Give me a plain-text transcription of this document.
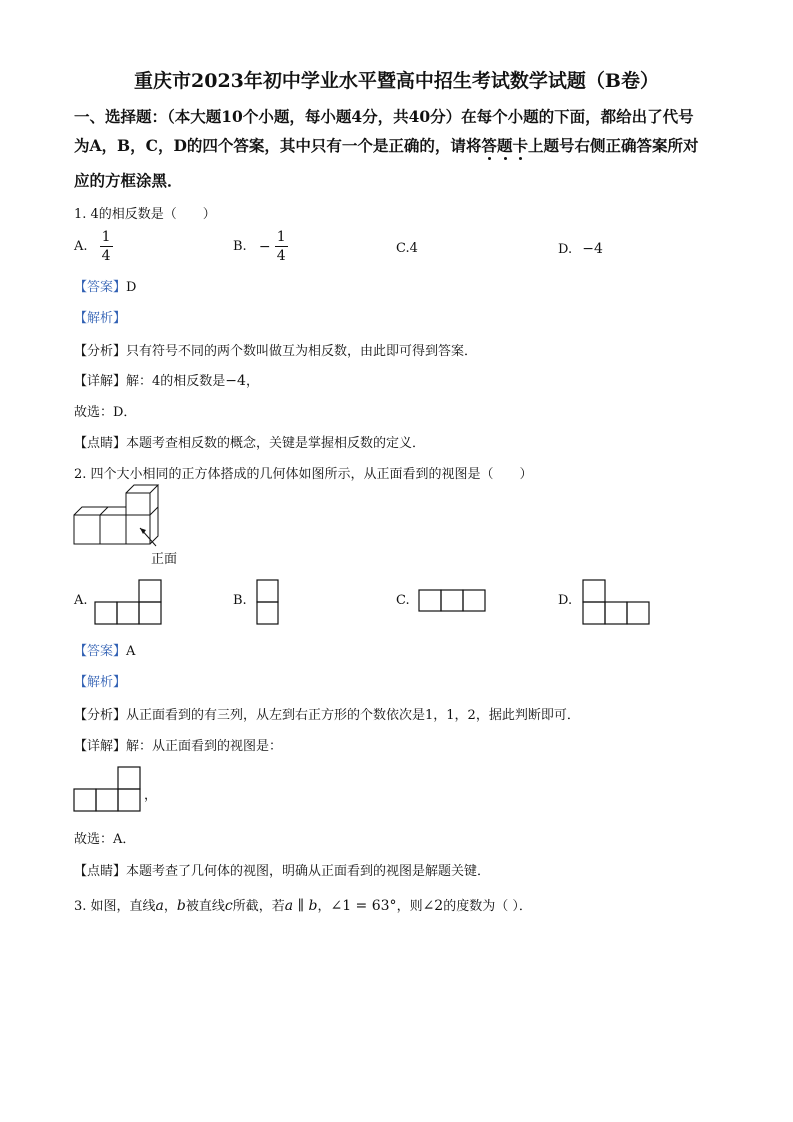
重庆市2023年初中学业水平暨高中招生考试数学试题（B卷）
一、选择题：（本大题10个小题，每小题4分，共40分）在每个小题的下面，都给出了代号
为A，B，C，D的四个答案，其中只有一个是正确的，请将答题卡上题号右侧正确答案所对
应的方框涂黑．
1. 4的相反数是（　　）
A. $\frac{1}{4}$	B. − $\frac{1}{4}$	C.4	D. −4
【答案】D
【解析】
【分析】只有符号不同的两个数叫做互为相反数，由此即可得到答案．
【详解】解：4的相反数是−4，
故选：D．
【点睛】本题考查相反数的概念，关键是掌握相反数的定义．
2. 四个大小相同的正方体搭成的几何体如图所示，从正面看到的视图是（　　）
正面
A.	B.	C.	D.
【答案】A
【解析】
【分析】从正面看到的有三列，从左到右正方形的个数依次是1，1，2，据此判断即可．
【详解】解：从正面看到的视图是：
，
故选：A．
【点睛】本题考查了几何体的视图，明确从正面看到的视图是解题关键．
3. 如图，直线a，b被直线c所截，若a ∥ b，∠1 = 63°，则∠2的度数为（ ）．
